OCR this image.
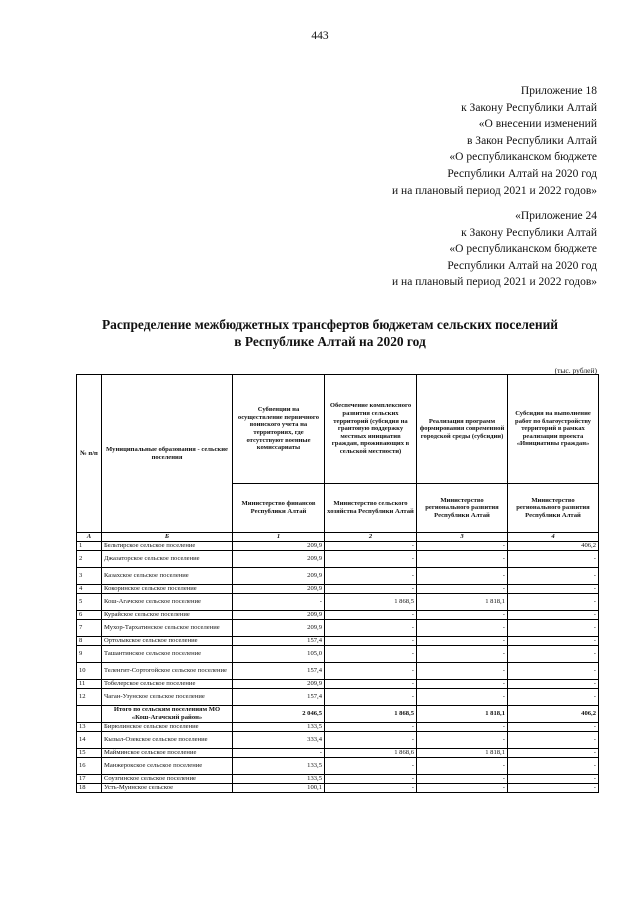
443
Приложение 18
к Закону Республики Алтай
«О внесении изменений
в Закон Республики Алтай
«О республиканском бюджете
Республики Алтай на 2020 год
и на плановый период 2021 и 2022 годов»
«Приложение 24
к Закону Республики Алтай
«О республиканском бюджете
Республики Алтай на 2020 год
и на плановый период 2021 и 2022 годов»
Распределение межбюджетных трансфертов бюджетам сельских поселений
в Республике Алтай на 2020 год
(тыс. рублей)
№ п/п	Муниципальные образования - сельские поселения	Субвенции на осуществление первичного воинского учета на территориях, где отсутствуют военные комиссариаты	Обеспечение комплексного развития сельских территорий (субсидия на грантовую поддержку местных инициатив граждан, проживающих в сельской местности)	Реализация программ формирования современной городской среды (субсидии)	Субсидия на выполнение работ по благоустройству территорий в рамках реализации проекта «Инициативы граждан»
		Министерство финансов Республики Алтай	Министерство сельского хозяйства Республики Алтай	Министерство регионального развития Республики Алтай	Министерство регионального развития Республики Алтай
А	Б	1	2	3	4
1	Бельтирское сельское поселение	209,9	-	-	406,2
2	Джазаторское сельское поселение	209,9	-	-	-
3	Казахское сельское поселение	209,9	-	-	-
4	Кокоринское сельское поселение	209,9	-	-	-
5	Кош-Агачское сельское поселение	-	1 868,5	1 818,1	-
6	Курайское сельское поселение	209,9	-	-	-
7	Мухор-Тархатинское сельское поселение	209,9	-	-	-
8	Ортолыкское сельское поселение	157,4	-	-	-
9	Ташантинское сельское поселение	105,0	-	-	-
10	Теленгит-Сортогойское сельское поселение	157,4	-	-	-
11	Тобелерское сельское поселение	209,9	-	-	-
12	Чаган-Узунское сельское поселение	157,4	-	-	-
	Итого по сельским поселениям МО «Кош-Агачский район»	2 046,5	1 868,5	1 818,1	406,2
13	Бирюлинское сельское поселение	133,5	-	-	-
14	Кызыл-Озекское сельское поселение	333,4	-	-	-
15	Майминское сельское поселение	-	1 868,6	1 818,1	-
16	Манжерокское сельское поселение	133,5	-	-	-
17	Соузгинское сельское поселение	133,5	-	-	-
18	Усть-Муинское сельское	100,1	-	-	-
